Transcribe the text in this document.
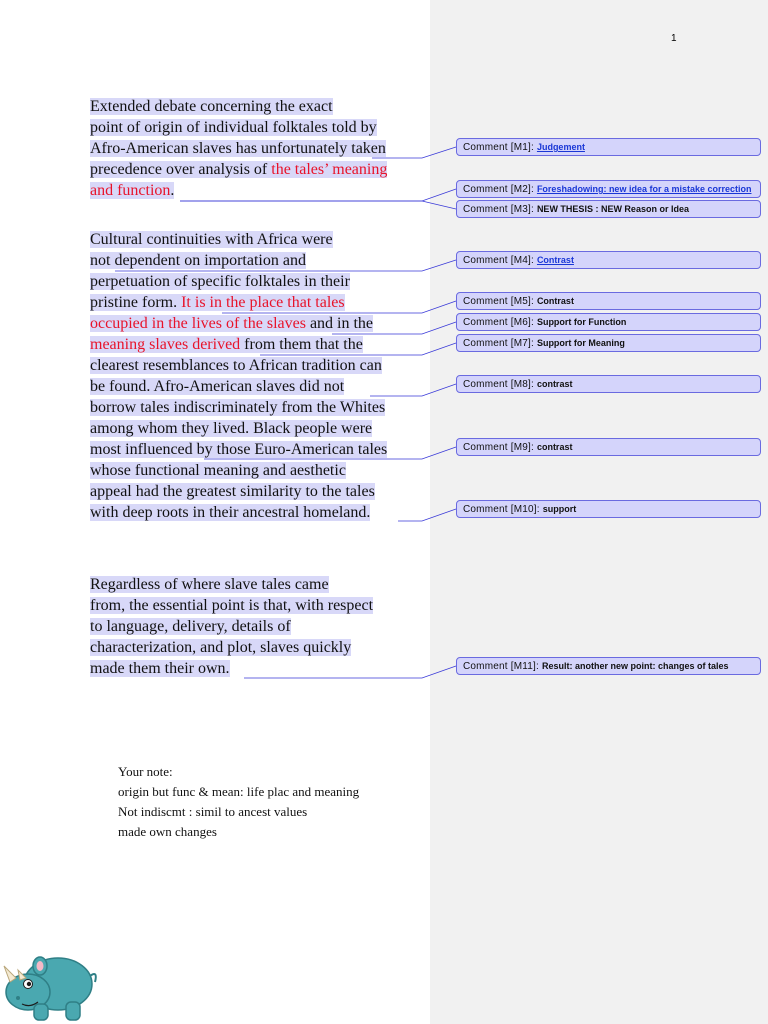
1
Extended debate concerning the exact
point of origin of individual folktales told by
Afro-American slaves has unfortunately taken
precedence over analysis of the tales’ meaning
and function.
Cultural continuities with Africa were
not dependent on importation and
perpetuation of specific folktales in their
pristine form. It is in the place that tales
occupied in the lives of the slaves and in the
meaning slaves derived from them that the
clearest resemblances to African tradition can
be found. Afro-American slaves did not
borrow tales indiscriminately from the Whites
among whom they lived. Black people were
most influenced by those Euro-American tales
whose functional meaning and aesthetic
appeal had the greatest similarity to the tales
with deep roots in their ancestral homeland.
Regardless of where slave tales came
from, the essential point is that, with respect
to language, delivery, details of
characterization, and plot, slaves quickly
made them their own.
Comment [M1]: Judgement
Comment [M2]: Foreshadowing: new idea for a mistake correction
Comment [M3]: NEW THESIS : NEW Reason or Idea
Comment [M4]: Contrast
Comment [M5]: Contrast
Comment [M6]: Support for Function
Comment [M7]: Support for Meaning
Comment [M8]: contrast
Comment [M9]: contrast
Comment [M10]: support
Comment [M11]: Result: another new point: changes of tales
Your note:
origin but func & mean: life plac and meaning
Not indiscmt : simil to ancest values
made own changes
